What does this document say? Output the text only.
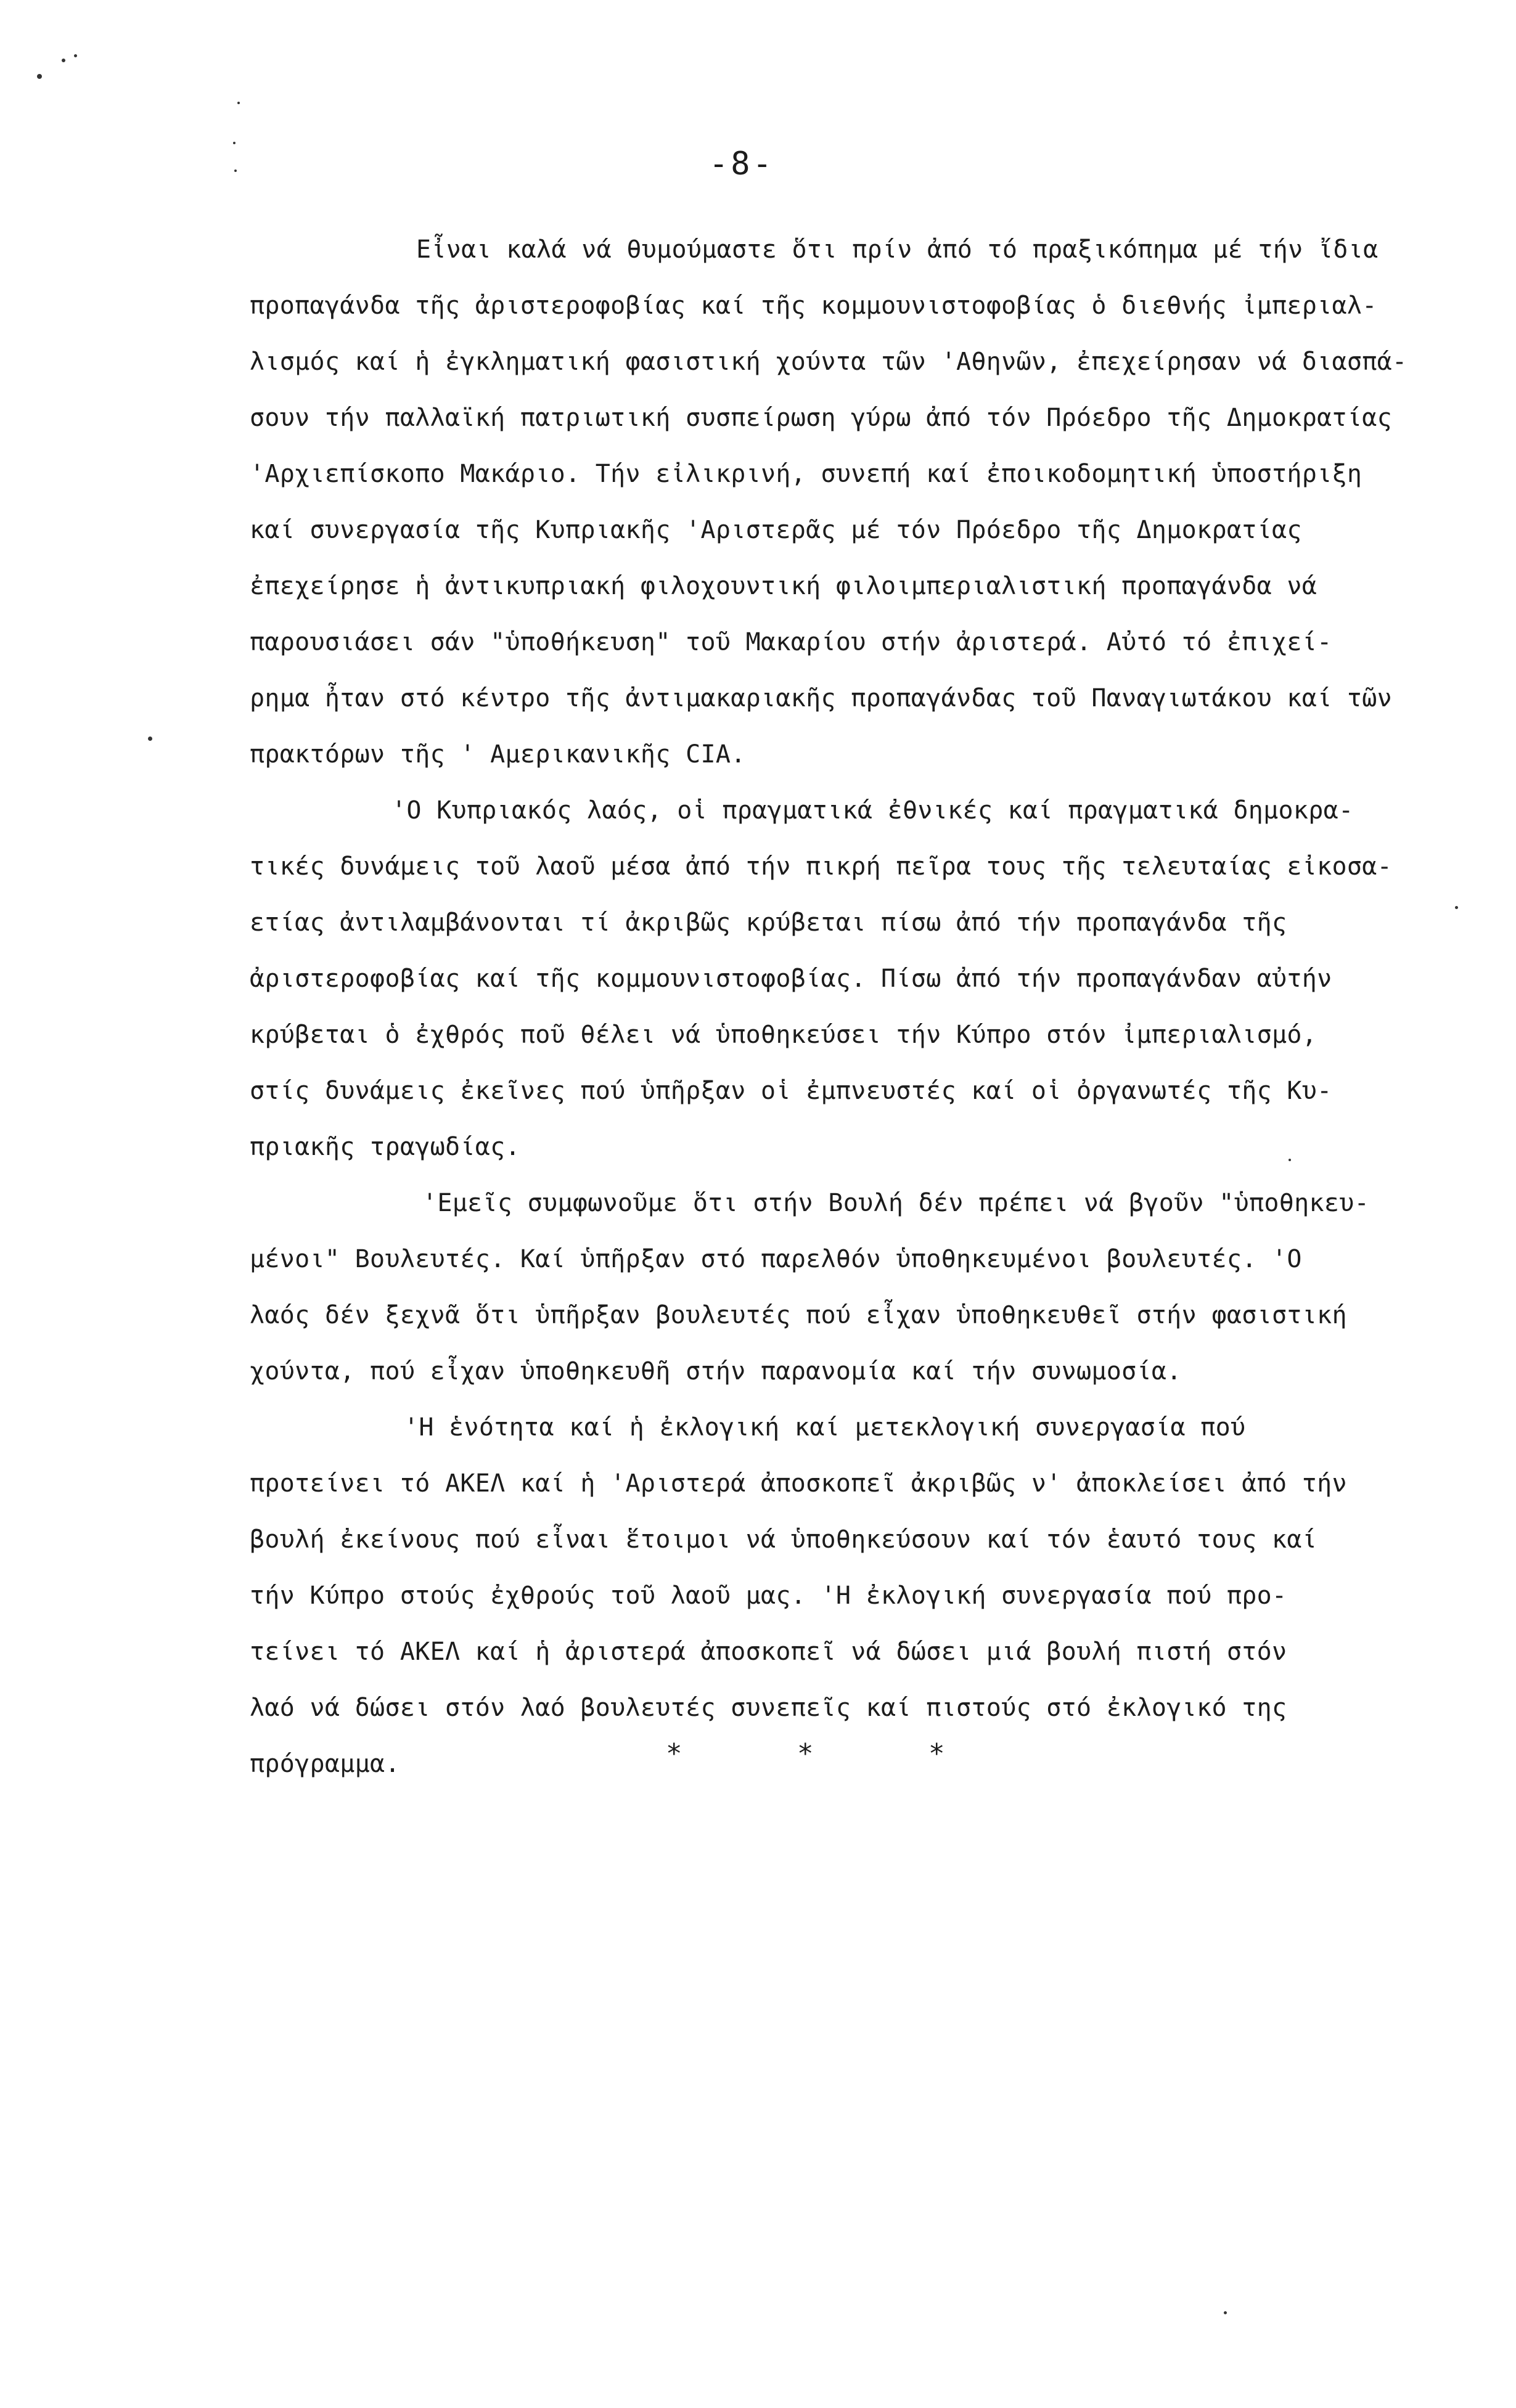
-8-
Εἶναι καλά νά θυμούμαστε ὅτι πρίν ἀπό τό πραξικόπημα μέ τήν ἴδια
προπαγάνδα τῆς ἀριστεροφοβίας καί τῆς κομμουνιστοφοβίας ὁ διεθνής ἰμπεριαλ-
λισμός καί ἡ ἐγκληματική φασιστική χούντα τῶν 'Αθηνῶν, ἐπεχείρησαν νά διασπά-
σουν τήν παλλαϊκή πατριωτική συσπείρωση γύρω ἀπό τόν Πρόεδρο τῆς Δημοκρατίας
'Αρχιεπίσκοπο Μακάριο. Τήν εἰλικρινή, συνεπή καί ἐποικοδομητική ὑποστήριξη
καί συνεργασία τῆς Κυπριακῆς 'Αριστερᾶς μέ τόν Πρόεδρο τῆς Δημοκρατίας
ἐπεχείρησε ἡ ἀντικυπριακή φιλοχουντική φιλοιμπεριαλιστική προπαγάνδα νά
παρουσιάσει σάν "ὑποθήκευση" τοῦ Μακαρίου στήν ἀριστερά. Αὐτό τό ἐπιχεί-
ρημα ἦταν στό κέντρο τῆς ἀντιμακαριακῆς προπαγάνδας τοῦ Παναγιωτάκου καί τῶν
πρακτόρων τῆς ' Αμερικανικῆς CIA.
'Ο Κυπριακός λαός, οἱ πραγματικά ἐθνικές καί πραγματικά δημοκρα-
τικές δυνάμεις τοῦ λαοῦ μέσα ἀπό τήν πικρή πεῖρα τους τῆς τελευταίας εἰκοσα-
ετίας ἀντιλαμβάνονται τί ἀκριβῶς κρύβεται πίσω ἀπό τήν προπαγάνδα τῆς
ἀριστεροφοβίας καί τῆς κομμουνιστοφοβίας. Πίσω ἀπό τήν προπαγάνδαν αὐτήν
κρύβεται ὁ ἐχθρός ποῦ θέλει νά ὑποθηκεύσει τήν Κύπρο στόν ἰμπεριαλισμό,
στίς δυνάμεις ἐκεῖνες πού ὑπῆρξαν οἱ ἐμπνευστές καί οἱ ὀργανωτές τῆς Κυ-
πριακῆς τραγωδίας.
'Εμεῖς συμφωνοῦμε ὅτι στήν Βουλή δέν πρέπει νά βγοῦν "ὑποθηκευ-
μένοι" Βουλευτές. Καί ὑπῆρξαν στό παρελθόν ὑποθηκευμένοι βουλευτές. 'Ο
λαός δέν ξεχνᾶ ὅτι ὑπῆρξαν βουλευτές πού εἶχαν ὑποθηκευθεῖ στήν φασιστική
χούντα, πού εἶχαν ὑποθηκευθῆ στήν παρανομία καί τήν συνωμοσία.
'Η ἑνότητα καί ἡ ἐκλογική καί μετεκλογική συνεργασία πού
προτείνει τό ΑΚΕΛ καί ἡ 'Αριστερά ἀποσκοπεῖ ἀκριβῶς ν' ἀποκλείσει ἀπό τήν
βουλή ἐκείνους πού εἶναι ἕτοιμοι νά ὑποθηκεύσουν καί τόν ἑαυτό τους καί
τήν Κύπρο στούς ἐχθρούς τοῦ λαοῦ μας. 'Η ἐκλογική συνεργασία πού προ-
τείνει τό ΑΚΕΛ καί ἡ ἀριστερά ἀποσκοπεῖ νά δώσει μιά βουλή πιστή στόν
λαό νά δώσει στόν λαό βουλευτές συνεπεῖς καί πιστούς στό ἐκλογικό της
πρόγραμμα.	* * *
